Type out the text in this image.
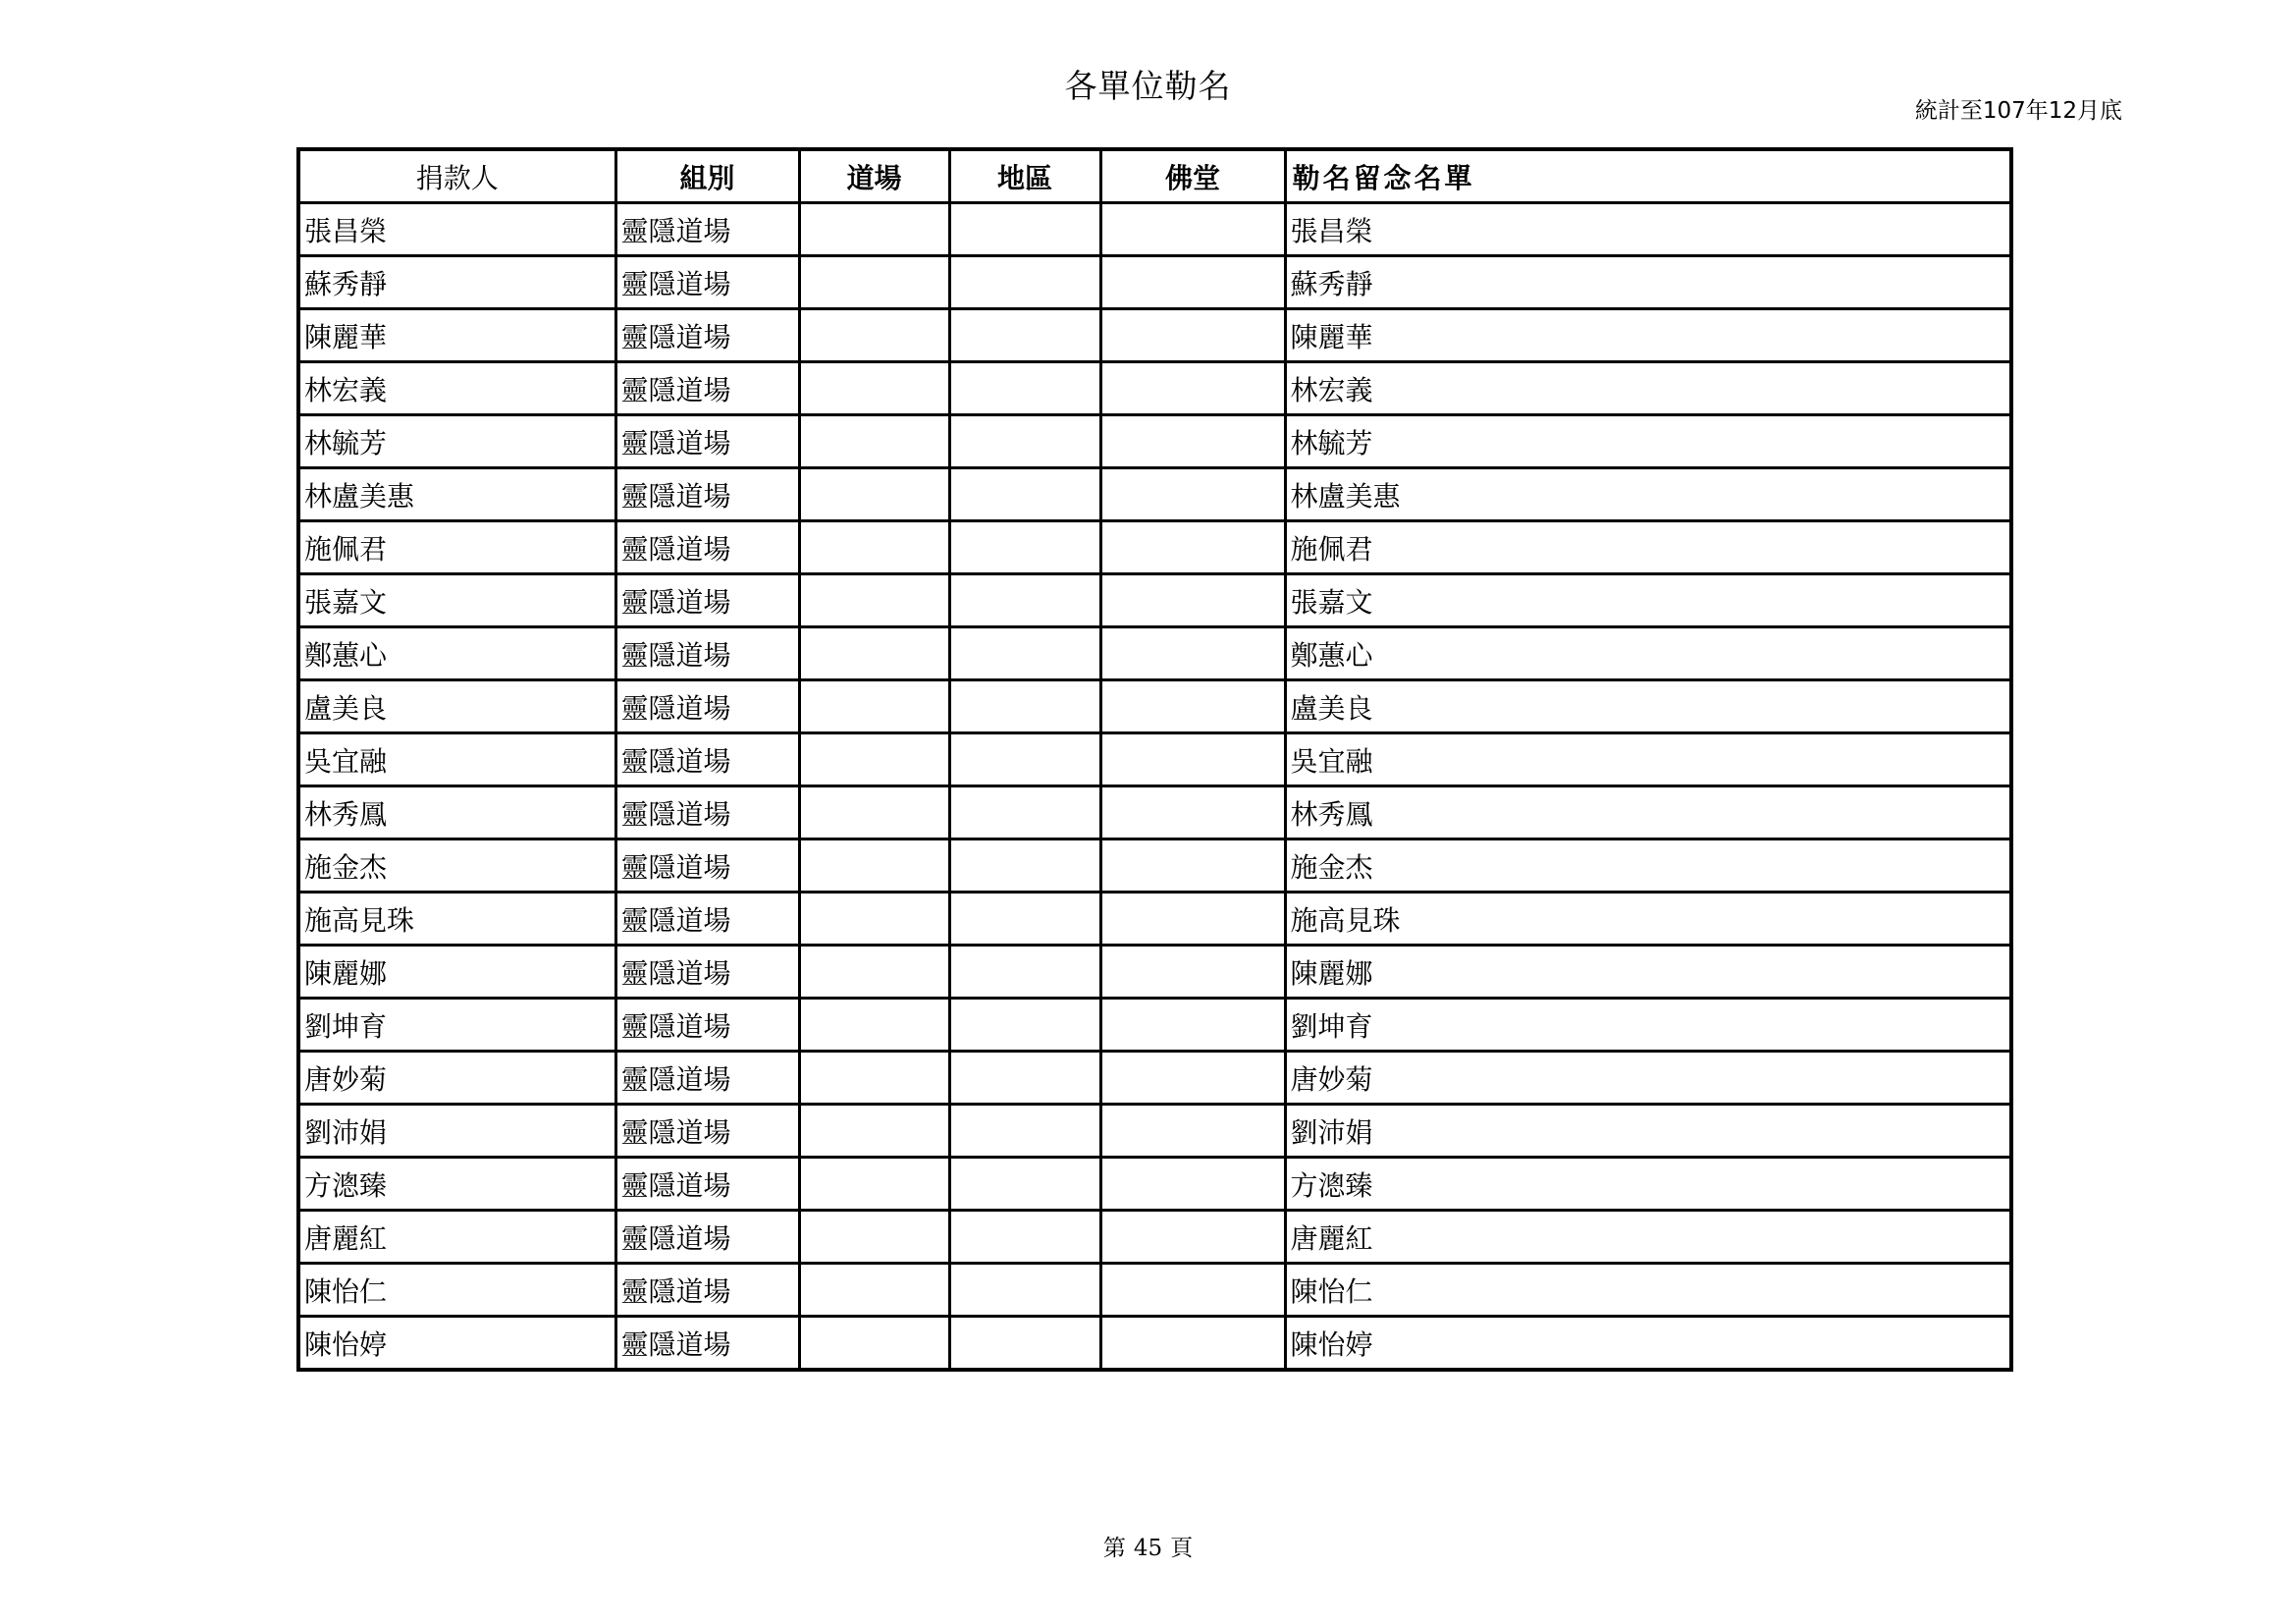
各單位勒名
統計至107年12月底
捐款人	組別	道場	地區	佛堂	勒名留念名單
張昌榮	靈隱道場				張昌榮
蘇秀靜	靈隱道場				蘇秀靜
陳麗華	靈隱道場				陳麗華
林宏義	靈隱道場				林宏義
林毓芳	靈隱道場				林毓芳
林盧美惠	靈隱道場				林盧美惠
施佩君	靈隱道場				施佩君
張嘉文	靈隱道場				張嘉文
鄭蕙心	靈隱道場				鄭蕙心
盧美良	靈隱道場				盧美良
吳宜融	靈隱道場				吳宜融
林秀鳳	靈隱道場				林秀鳳
施金杰	靈隱道場				施金杰
施高見珠	靈隱道場				施高見珠
陳麗娜	靈隱道場				陳麗娜
劉坤育	靈隱道場				劉坤育
唐妙菊	靈隱道場				唐妙菊
劉沛娟	靈隱道場				劉沛娟
方漗臻	靈隱道場				方漗臻
唐麗紅	靈隱道場				唐麗紅
陳怡仁	靈隱道場				陳怡仁
陳怡婷	靈隱道場				陳怡婷
第 45 頁
